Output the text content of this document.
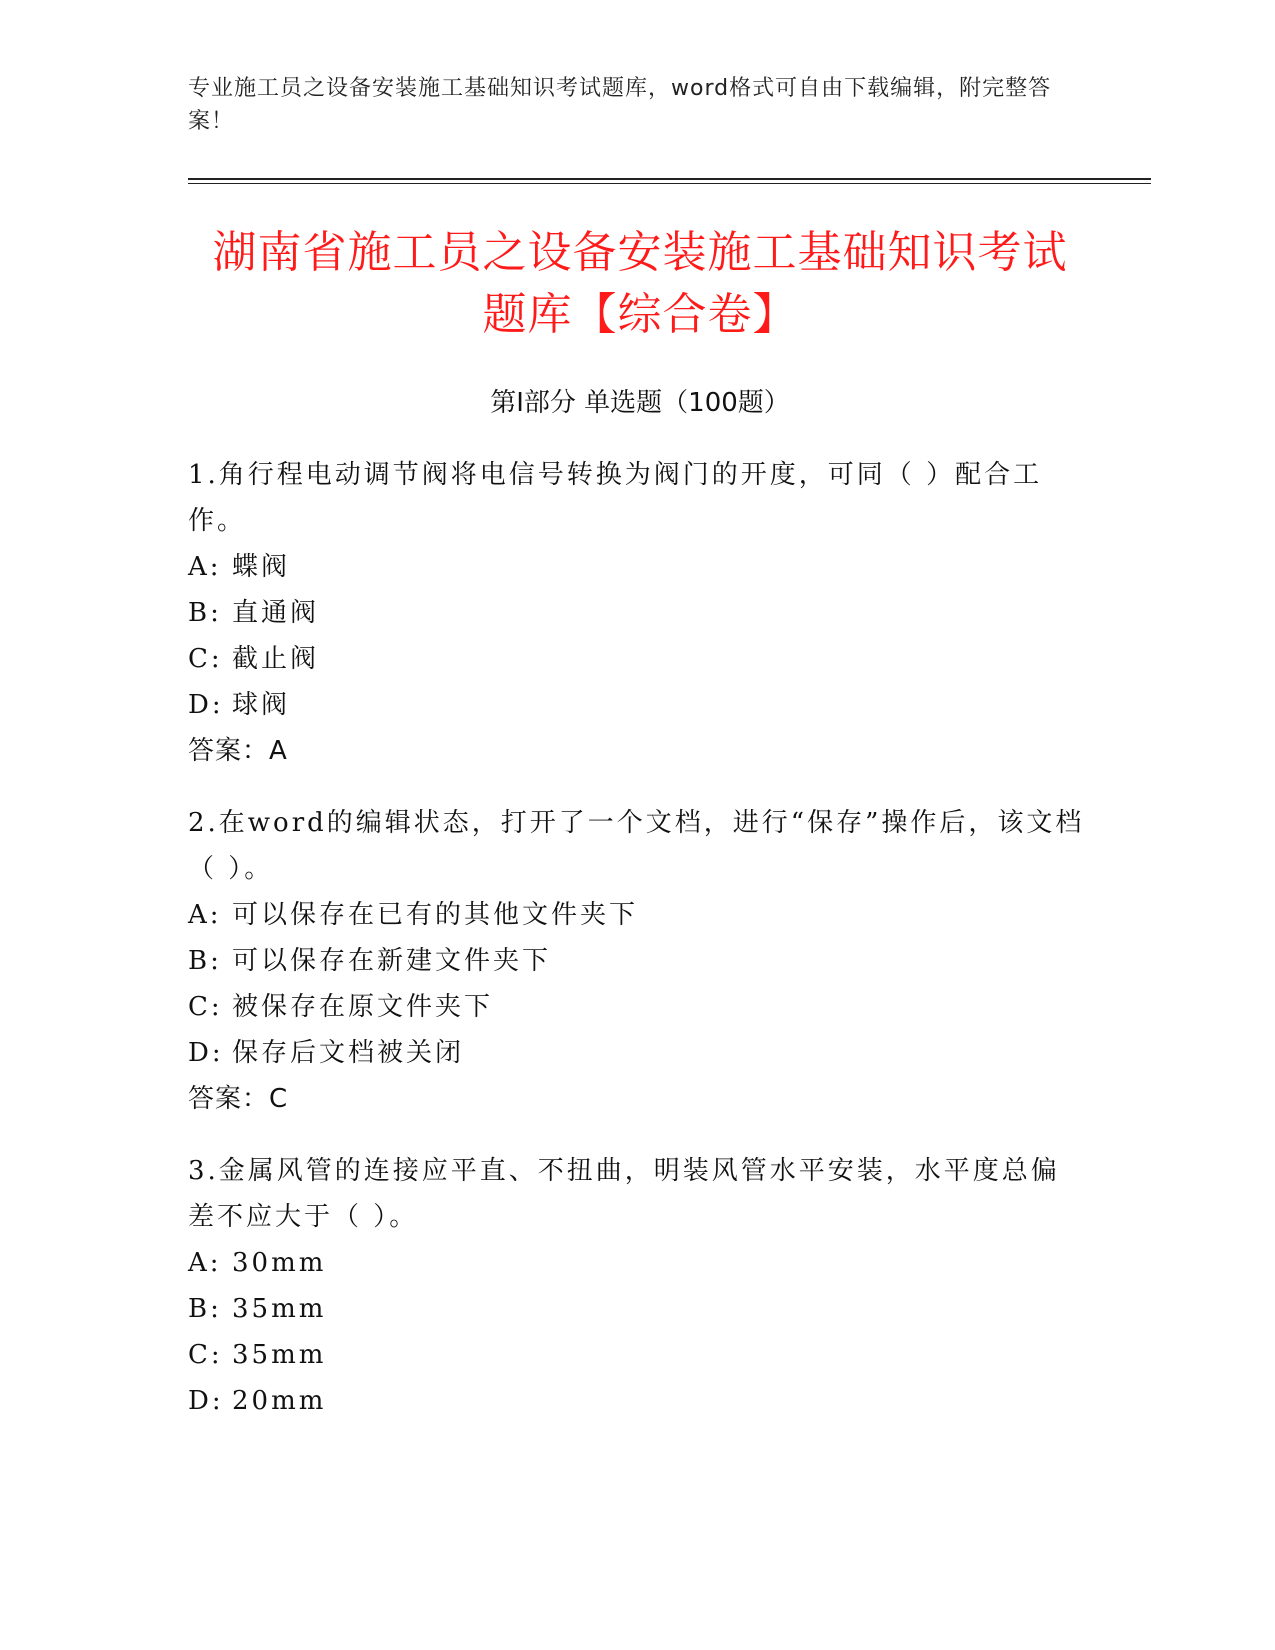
专业施工员之设备安装施工基础知识考试题库，word格式可自由下载编辑，附完整答案！
湖南省施工员之设备安装施工基础知识考试
题库【综合卷】
第Ⅰ部分 单选题（100题）

1.角行程电动调节阀将电信号转换为阀门的开度，可同（ ）配合工作。

A: 蝶阀

B: 直通阀

C: 截止阀

D: 球阀

答案：A

2.在word的编辑状态，打开了一个文档，进行“保存”操作后，该文档（ ）。

A: 可以保存在已有的其他文件夹下

B: 可以保存在新建文件夹下

C: 被保存在原文件夹下

D: 保存后文档被关闭

答案：C

3.金属风管的连接应平直、不扭曲，明装风管水平安装，水平度总偏差不应大于（ ）。

A: 30mm

B: 35mm

C: 35mm

D: 20mm
